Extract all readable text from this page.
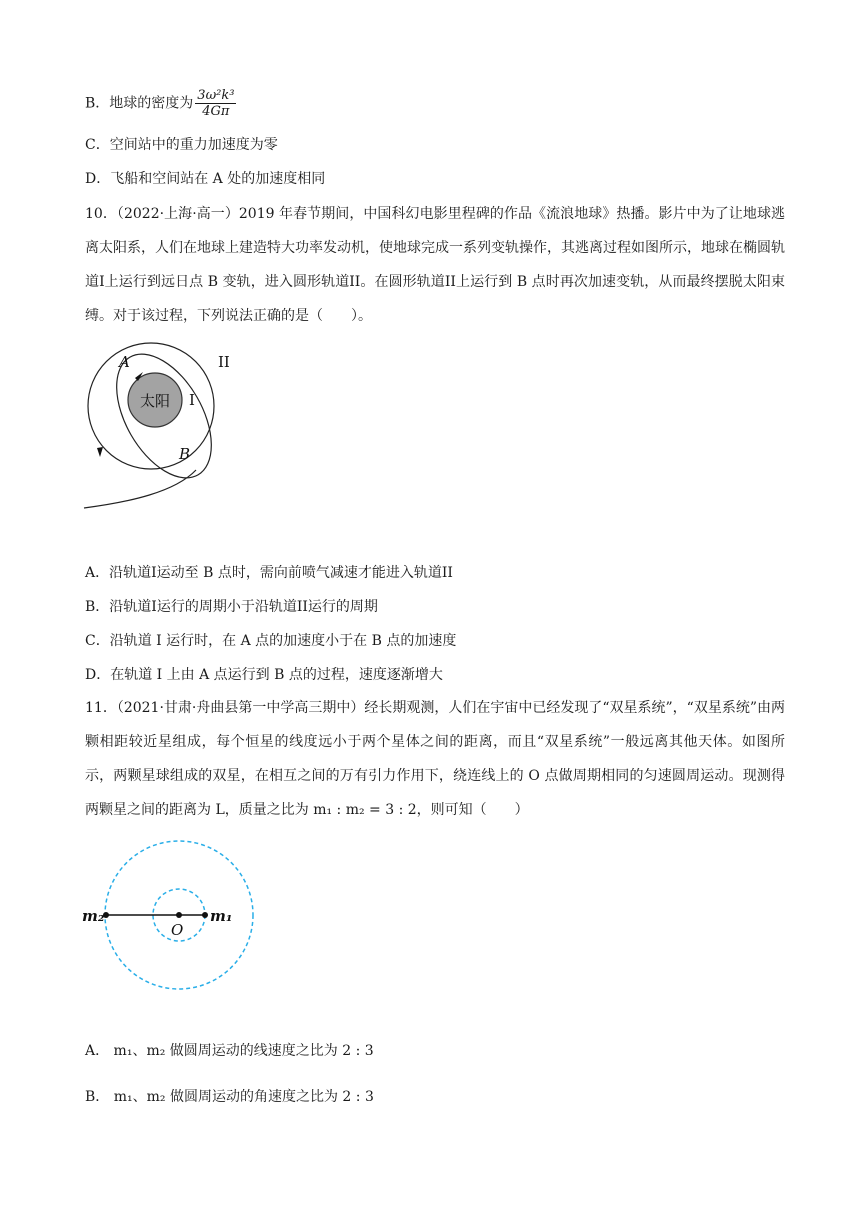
B．地球的密度为 $\frac{\text{3ω²k³}}{4G\pi}$
C．空间站中的重力加速度为零
D．飞船和空间站在 A 处的加速度相同
10．（2022·上海·高一）2019 年春节期间，中国科幻电影里程碑的作品《流浪地球》热播。影片中为了让地球逃离太阳系，人们在地球上建造特大功率发动机，使地球完成一系列变轨操作，其逃离过程如图所示，地球在椭圆轨道I上运行到远日点 B 变轨，进入圆形轨道II。在圆形轨道II上运行到 B 点时再次加速变轨，从而最终摆脱太阳束缚。对于该过程，下列说法正确的是（　　）。
太阳
A
B
I
II
A．沿轨道I运动至 B 点时，需向前喷气减速才能进入轨道II
B．沿轨道I运行的周期小于沿轨道II运行的周期
C．沿轨道 I 运行时，在 A 点的加速度小于在 B 点的加速度
D．在轨道 I 上由 A 点运行到 B 点的过程，速度逐渐增大
11．（2021·甘肃·舟曲县第一中学高三期中）经长期观测，人们在宇宙中已经发现了“双星系统”，“双星系统”由两颗相距较近星组成，每个恒星的线度远小于两个星体之间的距离，而且“双星系统”一般远离其他天体。如图所示，两颗星球组成的双星，在相互之间的万有引力作用下，绕连线上的 O 点做周期相同的匀速圆周运动。现测得两颗星之间的距离为 L，质量之比为 m₁ : m₂ = 3 : 2，则可知（　　）
m₂	m₁
O
A． m₁、m₂ 做圆周运动的线速度之比为 2 : 3
B． m₁、m₂ 做圆周运动的角速度之比为 2 : 3
